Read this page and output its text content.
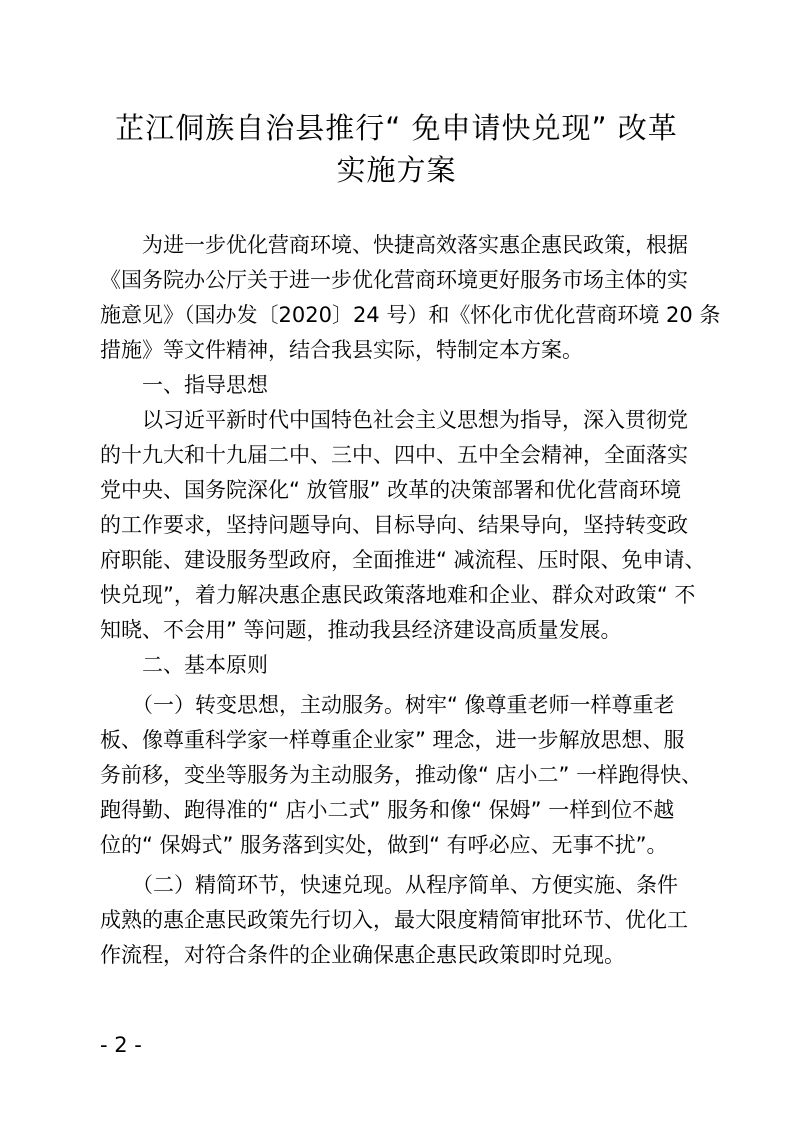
芷江侗族自治县推行“ 免申请快兑现” 改革
实施方案

为进一步优化营商环境、快捷高效落实惠企惠民政策，根据

《国务院办公厅关于进一步优化营商环境更好服务市场主体的实

施意见》（国办发〔2020〕24 号）和《怀化市优化营商环境 20 条

措施》等文件精神，结合我县实际，特制定本方案。

一、指导思想

以习近平新时代中国特色社会主义思想为指导，深入贯彻党

的十九大和十九届二中、三中、四中、五中全会精神，全面落实

党中央、国务院深化“ 放管服” 改革的决策部署和优化营商环境

的工作要求，坚持问题导向、目标导向、结果导向，坚持转变政

府职能、建设服务型政府，全面推进“ 减流程、压时限、免申请、

快兑现”，着力解决惠企惠民政策落地难和企业、群众对政策“ 不

知晓、不会用” 等问题，推动我县经济建设高质量发展。

二、基本原则

（一）转变思想，主动服务。树牢“ 像尊重老师一样尊重老

板、像尊重科学家一样尊重企业家” 理念，进一步解放思想、服

务前移，变坐等服务为主动服务，推动像“ 店小二” 一样跑得快、

跑得勤、跑得准的“ 店小二式” 服务和像“ 保姆” 一样到位不越

位的“ 保姆式” 服务落到实处，做到“ 有呼必应、无事不扰”。

（二）精简环节，快速兑现。从程序简单、方便实施、条件

成熟的惠企惠民政策先行切入，最大限度精简审批环节、优化工

作流程，对符合条件的企业确保惠企惠民政策即时兑现。

- 2 -
